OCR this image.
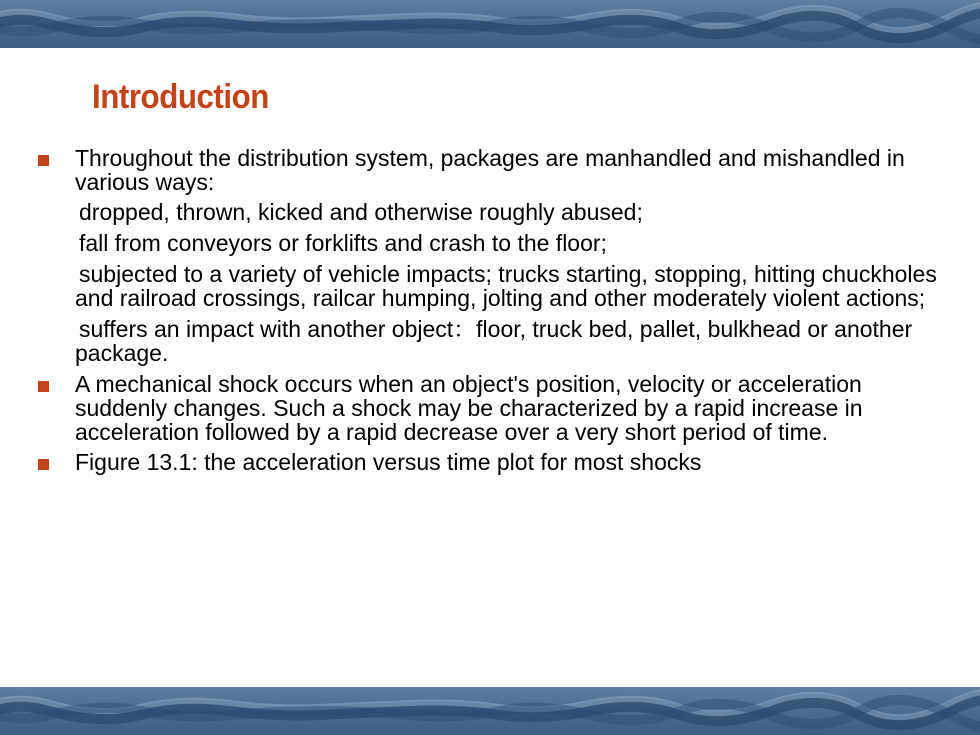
Introduction
Throughout the distribution system, packages are manhandled and mishandled in various ways:
dropped, thrown, kicked and otherwise roughly abused;
fall from conveyors or forklifts and crash to the floor;
subjected to a variety of vehicle impacts; trucks starting, stopping, hitting chuckholes and railroad crossings, railcar humping, jolting and other moderately violent actions;
suffers an impact with another object：floor, truck bed, pallet, bulkhead or another package.
A mechanical shock occurs when an object's position, velocity or acceleration suddenly changes. Such a shock may be characterized by a rapid increase in acceleration followed by a rapid decrease over a very short period of time.
Figure 13.1: the acceleration versus time plot for most shocks
